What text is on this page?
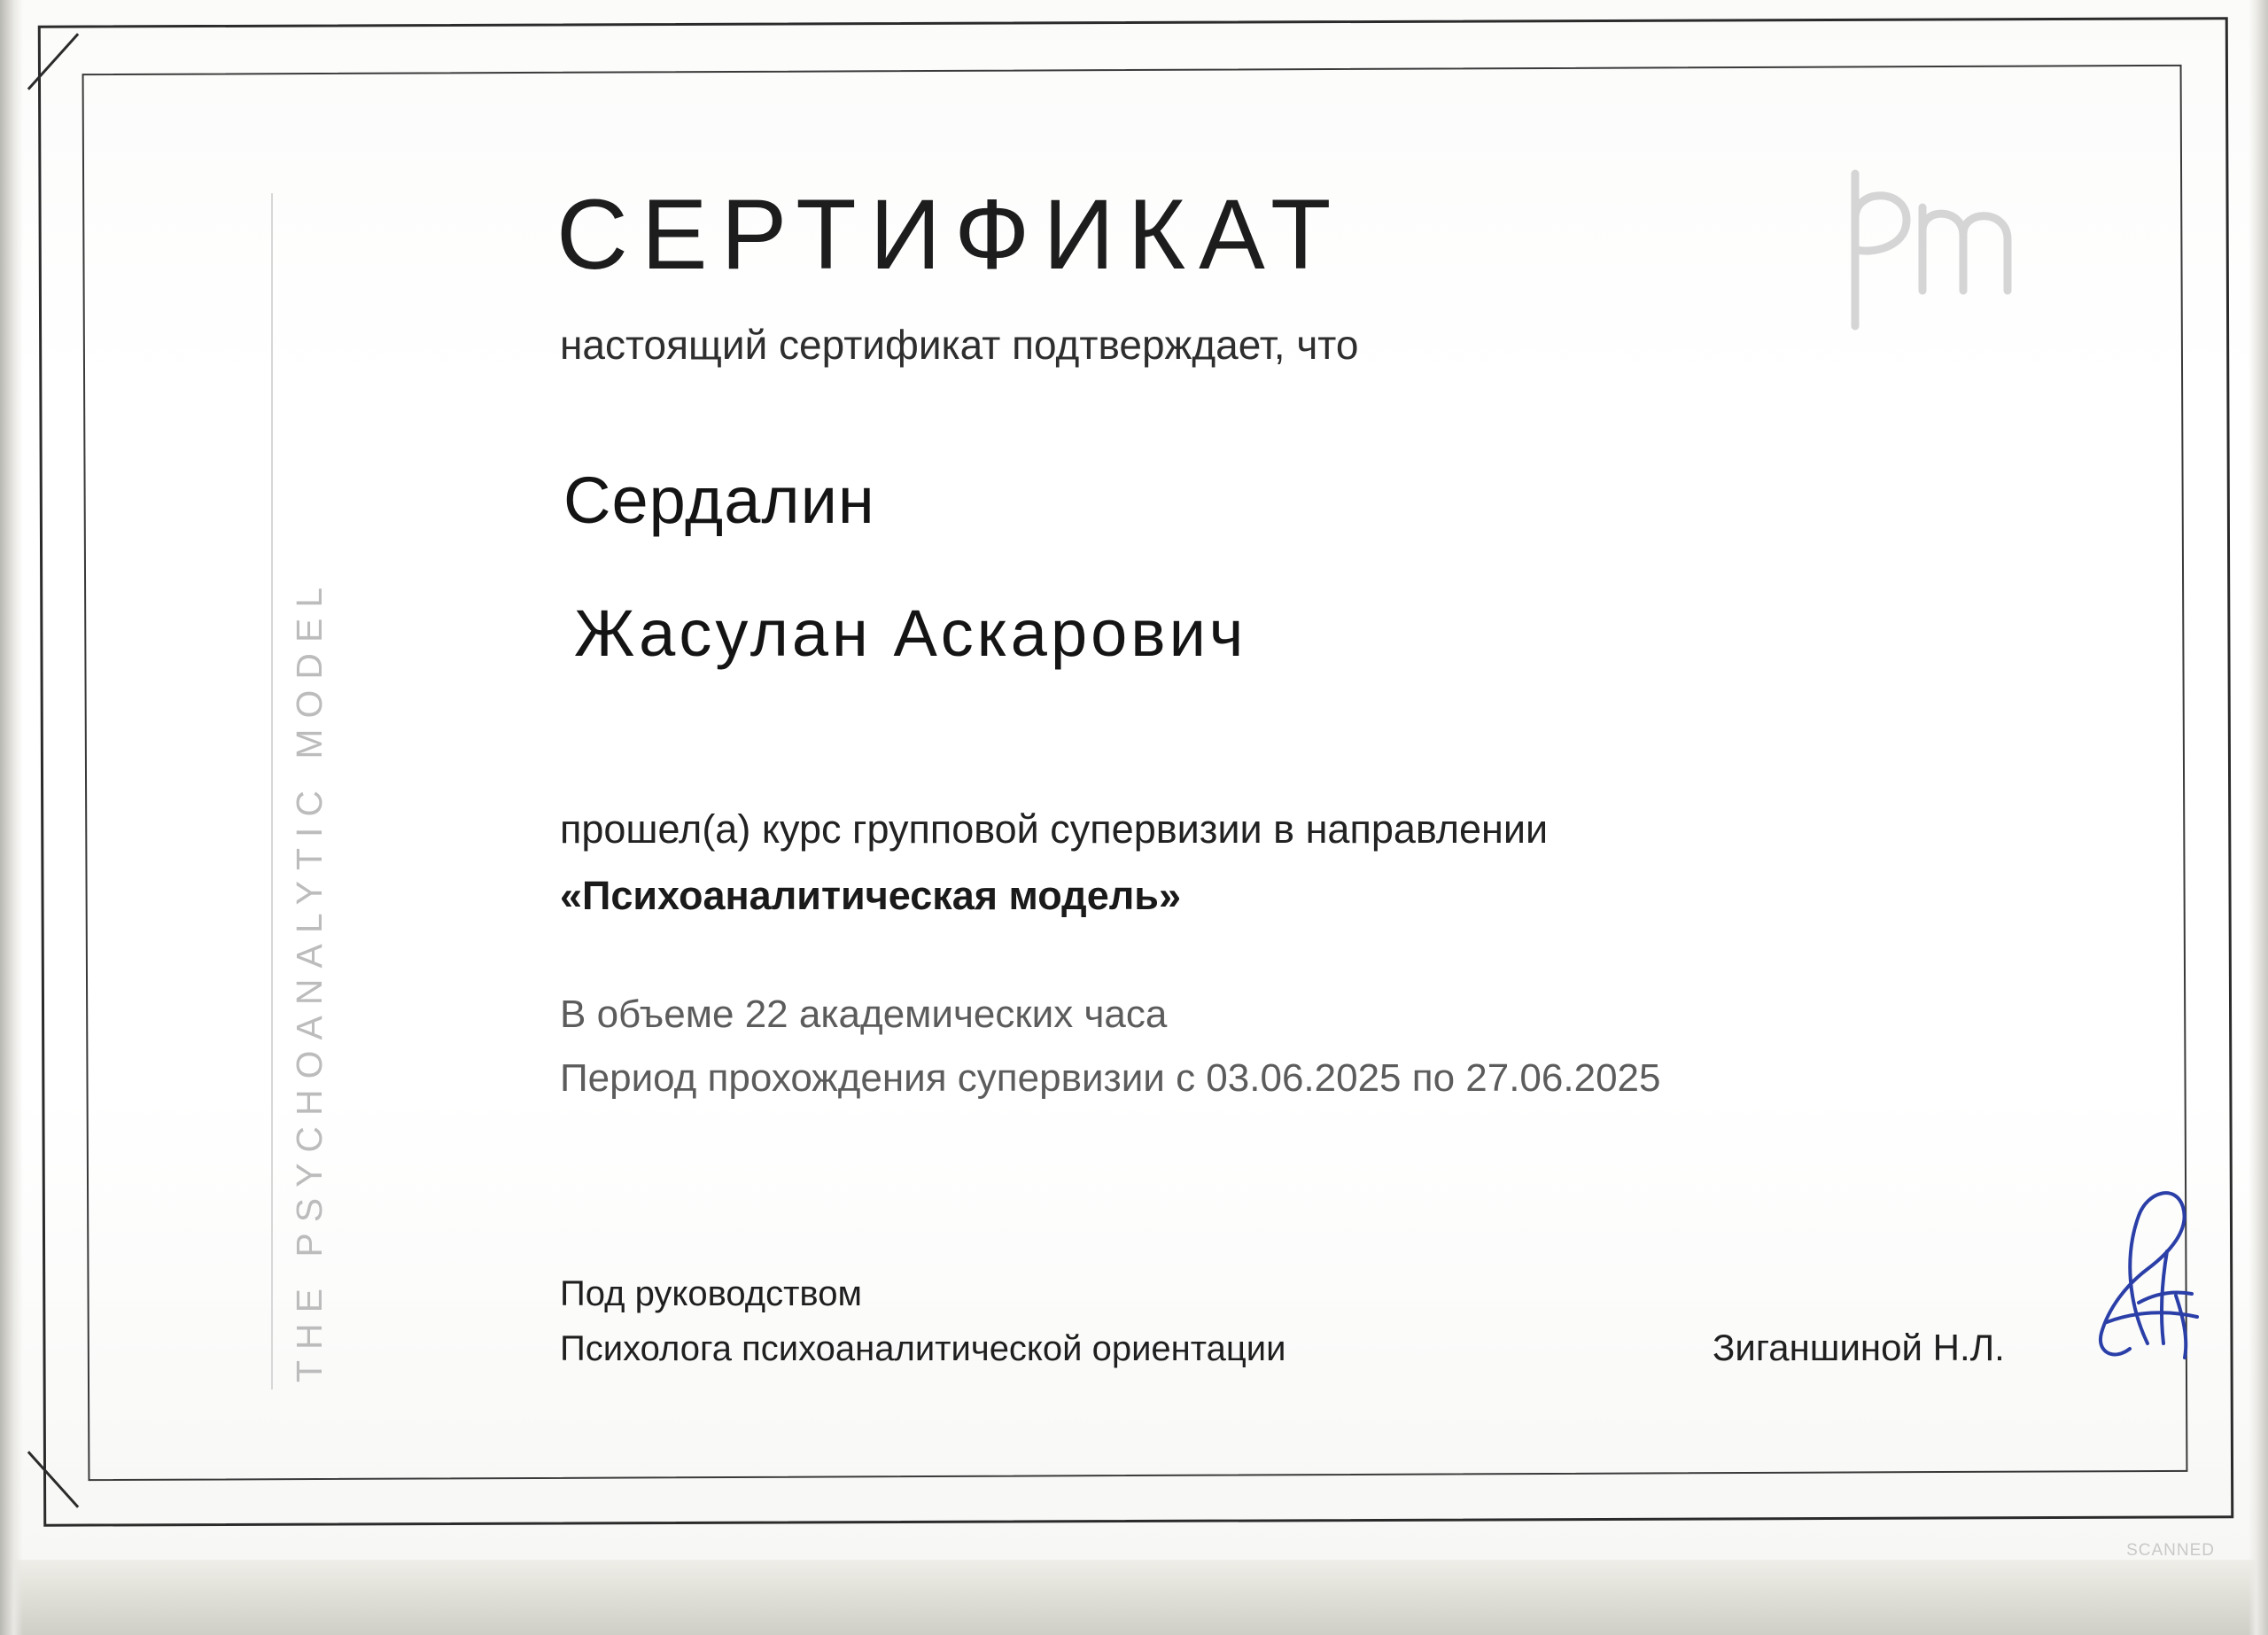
THE PSYCHOANALYTIC MODEL
СЕРТИФИКАТ
настоящий сертификат подтверждает, что
Сердалин
Жасулан Аскарович
прошел(а) курс групповой супервизии в направлении
«Психоаналитическая модель»
В объеме 22 академических часа
Период прохождения супервизии с 03.06.2025 по 27.06.2025
Под руководством
Психолога психоаналитической ориентации	Зиганшиной Н.Л.
SCANNED
